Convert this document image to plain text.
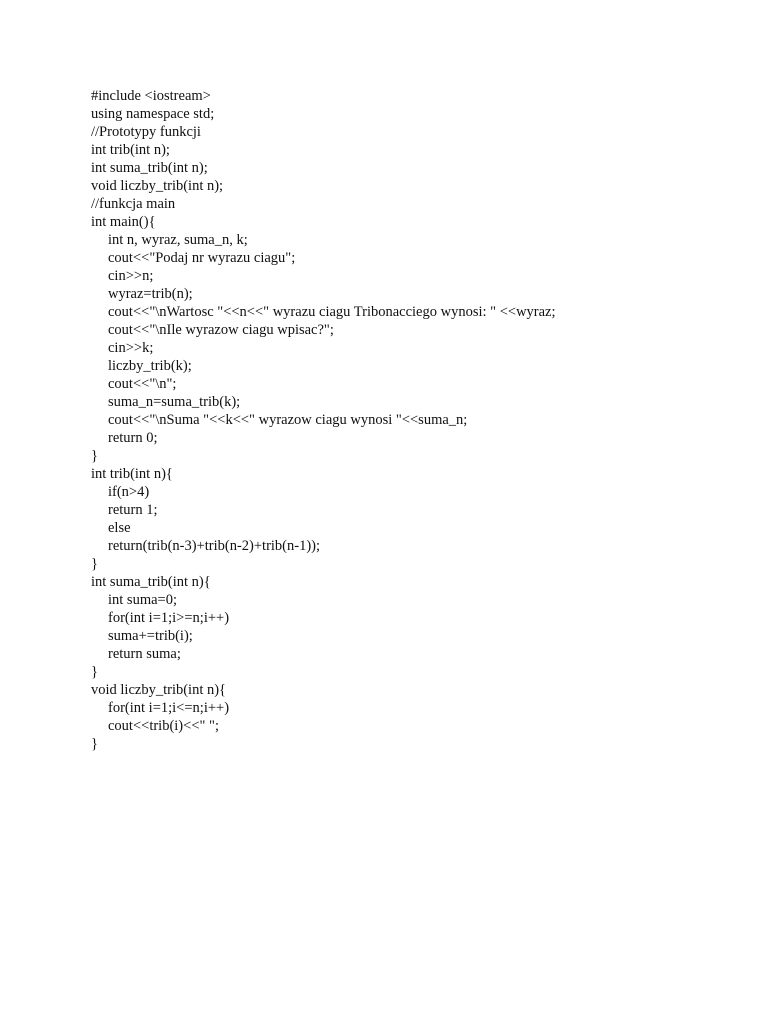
#include <iostream>
using namespace std;
//Prototypy funkcji
int trib(int n);
int suma_trib(int n);
void liczby_trib(int n);
//funkcja main
int main(){
int n, wyraz, suma_n, k;
cout<<"Podaj nr wyrazu ciagu";
cin>>n;
wyraz=trib(n);
cout<<"\nWartosc "<<n<<" wyrazu ciagu Tribonacciego wynosi: " <<wyraz;
cout<<"\nIle wyrazow ciagu wpisac?";
cin>>k;
liczby_trib(k);
cout<<"\n";
suma_n=suma_trib(k);
cout<<"\nSuma "<<k<<" wyrazow ciagu wynosi "<<suma_n;
return 0;
}
int trib(int n){
if(n>4)
return 1;
else
return(trib(n-3)+trib(n-2)+trib(n-1));
}
int suma_trib(int n){
int suma=0;
for(int i=1;i>=n;i++)
suma+=trib(i);
return suma;
}
void liczby_trib(int n){
for(int i=1;i<=n;i++)
cout<<trib(i)<<" ";
}
